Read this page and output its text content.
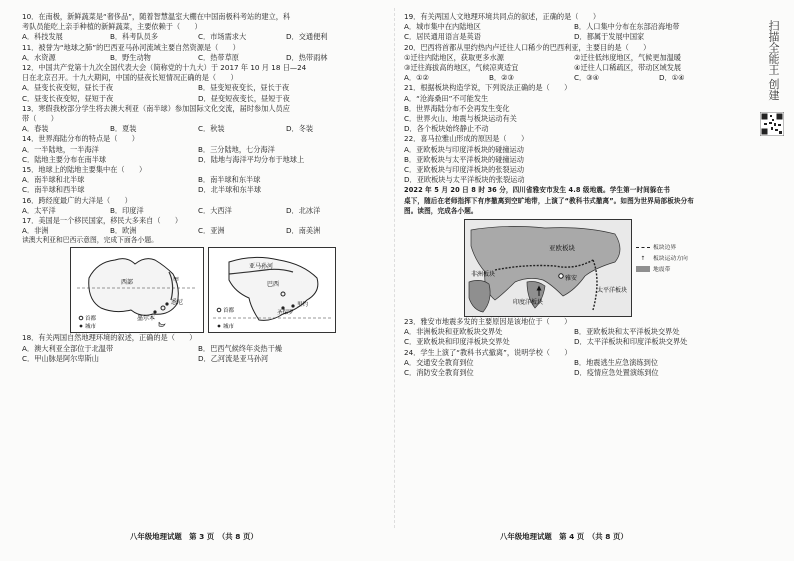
10．在南极，新鲜蔬菜是“奢侈品”，随着智慧温室大棚在中国南极科考站的建立，科
考队员能吃上亲手种植的新鲜蔬菜，主要依赖于（　　）
A．科技发展	B．科考队员多	C．市场需求大	D．交通便利
11．被誉为“地球之肺”的巴西亚马孙河流域主要自然资源是（　　）
A．水资源	B．野生动物	C．热带草原	D．热带雨林
12．中国共产党第十九次全国代表大会（简称党的十九大）于 2017 年 10 月 18 日—24
日在北京召开。十九大期间，中国的昼夜长短情况正确的是（　　）
A．昼变长夜变短，昼长于夜	B．昼变短夜变长，昼长于夜
C．昼变长夜变短，昼短于夜	D．昼变短夜变长，昼短于夜
13．寒假我校部分学生将去澳大利亚（南半球）参加国际文化交流，届时参加人员应
带（　　）
A．春装	B．夏装	C．秋装	D．冬装
14．世界海陆分布的特点是（　　）
A．一半陆地，一半海洋	B．三分陆地，七分海洋
C．陆地主要分布在南半球	D．陆地与海洋平均分布于地球上
15．地球上的陆地主要集中在（　　）
A．南半球和北半球	B．南半球和东半球
C．南半球和西半球	D．北半球和东半球
16．跨经度最广的大洋是（　　）
A．太平洋	B．印度洋	C．大西洋	D．北冰洋
17．美国是一个移民国家，移民大多来自（　　）
A．非洲	B．欧洲	C．亚洲	D．南美洲
读澳大利亚和巴西示意图，完成下面各小题。
西部	甲
悉尼
墨尔本
首都
城市
亚马孙河
巴西
里约
圣保罗
首都
城市
18．有关两国自然地理环境的叙述，正确的是（　　）
A．澳大利亚全部位于北温带	B．巴西气候终年炎热干燥
C．甲山脉是阿尔卑斯山	D．乙河流是亚马孙河
八年级地理试题　第 3 页　（共 8 页）
19．有关两国人文地理环境共同点的叙述，正确的是（　　）
A．城市集中在内陆地区	B．人口集中分布在东部沿海地带
C．居民通用语言是英语	D．都属于发展中国家
20．巴西将首都从里约热内卢迁往人口稀少的巴西利亚，主要目的是（　　）
①迁往内陆地区，获取更多水源	②迁往低纬度地区，气候更加温暖
③迁往海拔高的地区，气候凉爽适宜	④迁往人口稀疏区，带动区域发展
A．①②	B．②③	C．③④	D．①④
21．根据板块构造学说，下列说法正确的是（　　）
A．“沧海桑田”不可能发生
B．世界海陆分布不会再发生变化
C．世界火山、地震与板块运动有关
D．各个板块始终静止不动
22．喜马拉雅山形成的原因是（　　）
A．亚欧板块与印度洋板块的碰撞运动
B．亚欧板块与太平洋板块的碰撞运动
C．亚欧板块与印度洋板块的张裂运动
D．亚欧板块与太平洋板块的张裂运动
2022 年 5 月 20 日 8 时 36 分，四川省雅安市发生 4.8 级地震。学生第一时间躲在书
桌下，随后在老师指挥下有序撤离到空旷地带，上演了“教科书式撤离”。如图为世界局部板块分布
图。读图，完成各小题。
亚欧板块
雅安
印度洋板块
太平洋板块
非洲板块
板块边界
↑ 板块运动方向
地震带
23．雅安市地震多发的主要原因是该地位于（　　）
A．非洲板块和亚欧板块交界处	B．亚欧板块和太平洋板块交界处
C．亚欧板块和印度洋板块交界处	D．太平洋板块和印度洋板块交界处
24．学生上演了“教科书式撤离”，说明学校（　　）
A．交通安全教育到位	B．地震逃生应急演练到位
C．消防安全教育到位	D．疫情应急处置演练到位
八年级地理试题　第 4 页　（共 8 页）
扫描全能王 创建
